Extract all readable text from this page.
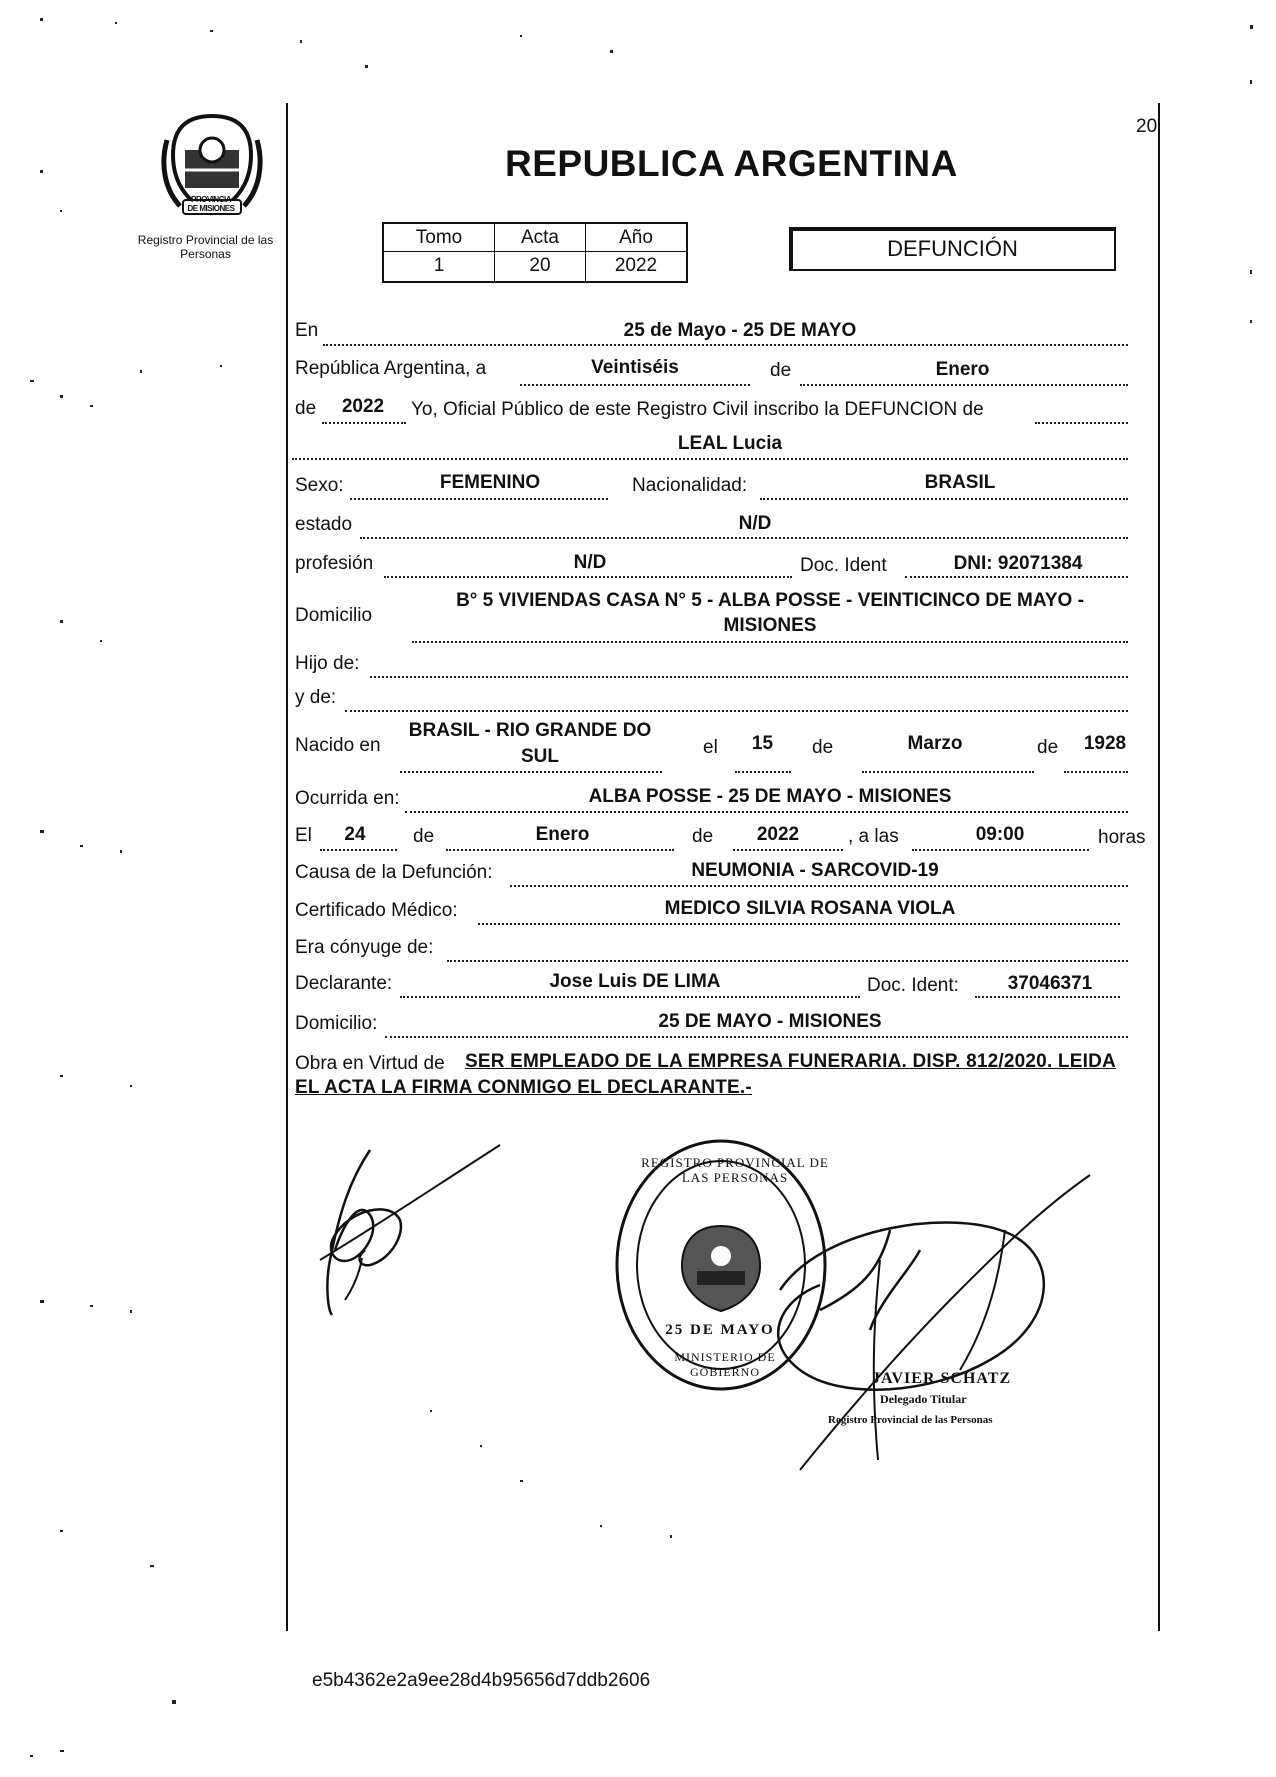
20
PROVINCIA DE MISIONES
Registro Provincial de las Personas
REPUBLICA ARGENTINA
Tomo	Acta	Año
1	20	2022
DEFUNCIÓN
En	25 de Mayo - 25 DE MAYO
República Argentina, a	Veintiséis	de	Enero
de	2022	Yo, Oficial Público de este Registro Civil inscribo la DEFUNCION de
LEAL Lucia
Sexo:	FEMENINO	Nacionalidad:	BRASIL
estado	N/D
profesión	N/D	Doc. Ident	DNI: 92071384
Domicilio
B° 5 VIVIENDAS CASA N° 5 - ALBA POSSE - VEINTICINCO DE MAYO -
MISIONES
Hijo de:
y de:
Nacido en
BRASIL - RIO GRANDE DO
SUL	el	15	de	Marzo	de	1928
Ocurrida en:	ALBA POSSE - 25 DE MAYO - MISIONES
El	24	de	Enero	de	2022	, a las	09:00	horas
Causa de la Defunción:	NEUMONIA - SARCOVID-19
Certificado Médico:	MEDICO SILVIA ROSANA VIOLA
Era cónyuge de:
Declarante:	Jose Luis DE LIMA	Doc. Ident:	37046371
Domicilio:	25 DE MAYO - MISIONES
Obra en Virtud de SER EMPLEADO DE LA EMPRESA FUNERARIA. DISP. 812/2020. LEIDA
EL ACTA LA FIRMA CONMIGO EL DECLARANTE.-
REGISTRO PROVINCIAL DE LAS PERSONAS
25 DE MAYO
MINISTERIO DE GOBIERNO	JAVIER SCHATZ
Delegado Titular
Registro Provincial de las Personas
e5b4362e2a9ee28d4b95656d7ddb2606
